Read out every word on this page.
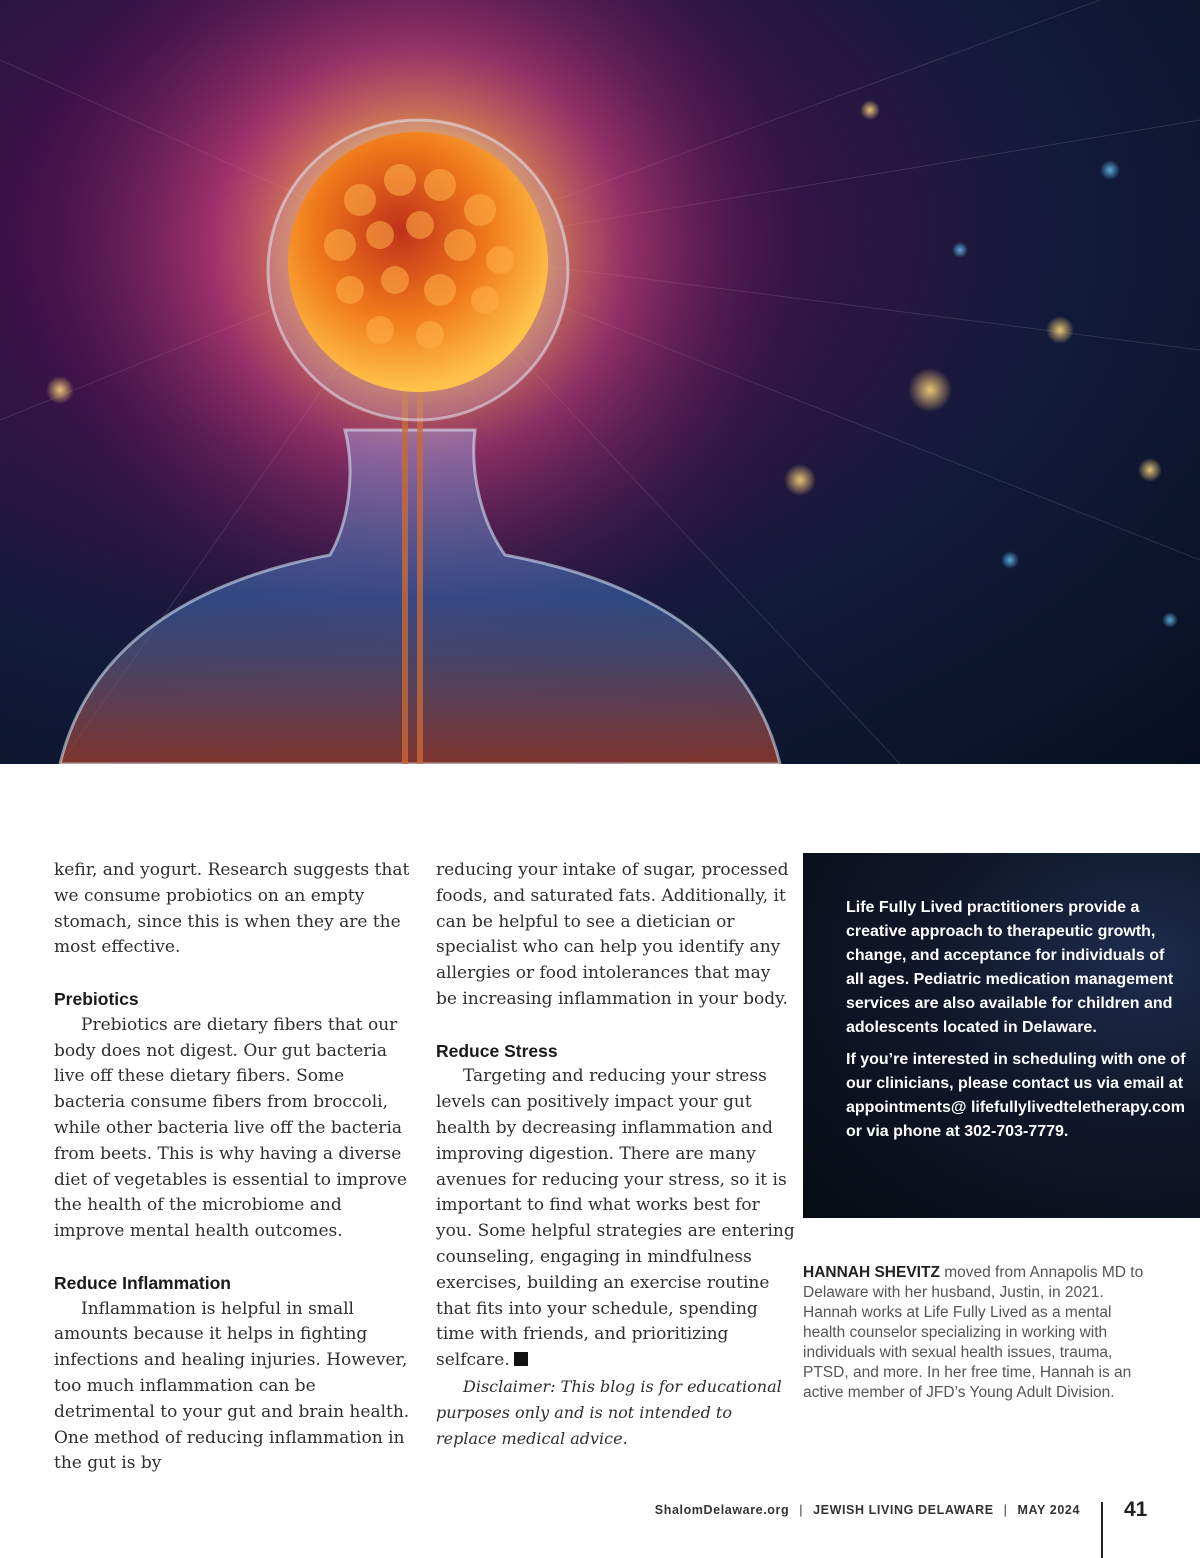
kefir, and yogurt. Research suggests that we consume probiotics on an empty stomach, since this is when they are the most effective.

Prebiotics

Prebiotics are dietary fibers that our body does not digest. Our gut bacteria live off these dietary fibers. Some bacteria consume fibers from broccoli, while other bacteria live off the bacteria from beets. This is why having a diverse diet of vegetables is essential to improve the health of the microbiome and improve mental health outcomes.

Reduce Inflammation

Inflammation is helpful in small amounts because it helps in fighting infections and healing injuries. However, too much inflammation can be detrimental to your gut and brain health. One method of reducing inflammation in the gut is by

reducing your intake of sugar, processed foods, and saturated fats. Additionally, it can be helpful to see a dietician or specialist who can help you identify any allergies or food intolerances that may be increasing inflammation in your body.

Reduce Stress

Targeting and reducing your stress levels can positively impact your gut health by decreasing inflammation and improving digestion. There are many avenues for reducing your stress, so it is important to find what works best for you. Some helpful strategies are entering counseling, engaging in mindfulness exercises, building an exercise routine that fits into your schedule, spending time with friends, and prioritizing selfcare.

Disclaimer: This blog is for educational purposes only and is not intended to replace medical advice.

Life Fully Lived practitioners provide a creative approach to therapeutic growth, change, and acceptance for individuals of all ages. Pediatric medication management services are also available for children and adolescents located in Delaware.

If you’re interested in scheduling with one of our clinicians, please contact us via email at appointments@ lifefullylivedteletherapy.com or via phone at 302-703-7779.

HANNAH SHEVITZ moved from Annapolis MD to Delaware with her husband, Justin, in 2021. Hannah works at Life Fully Lived as a mental health counselor specializing in working with individuals with sexual health issues, trauma, PTSD, and more. In her free time, Hannah is an active member of JFD’s Young Adult Division.
ShalomDelaware.org | JEWISH LIVING DELAWARE | MAY 2024 41
